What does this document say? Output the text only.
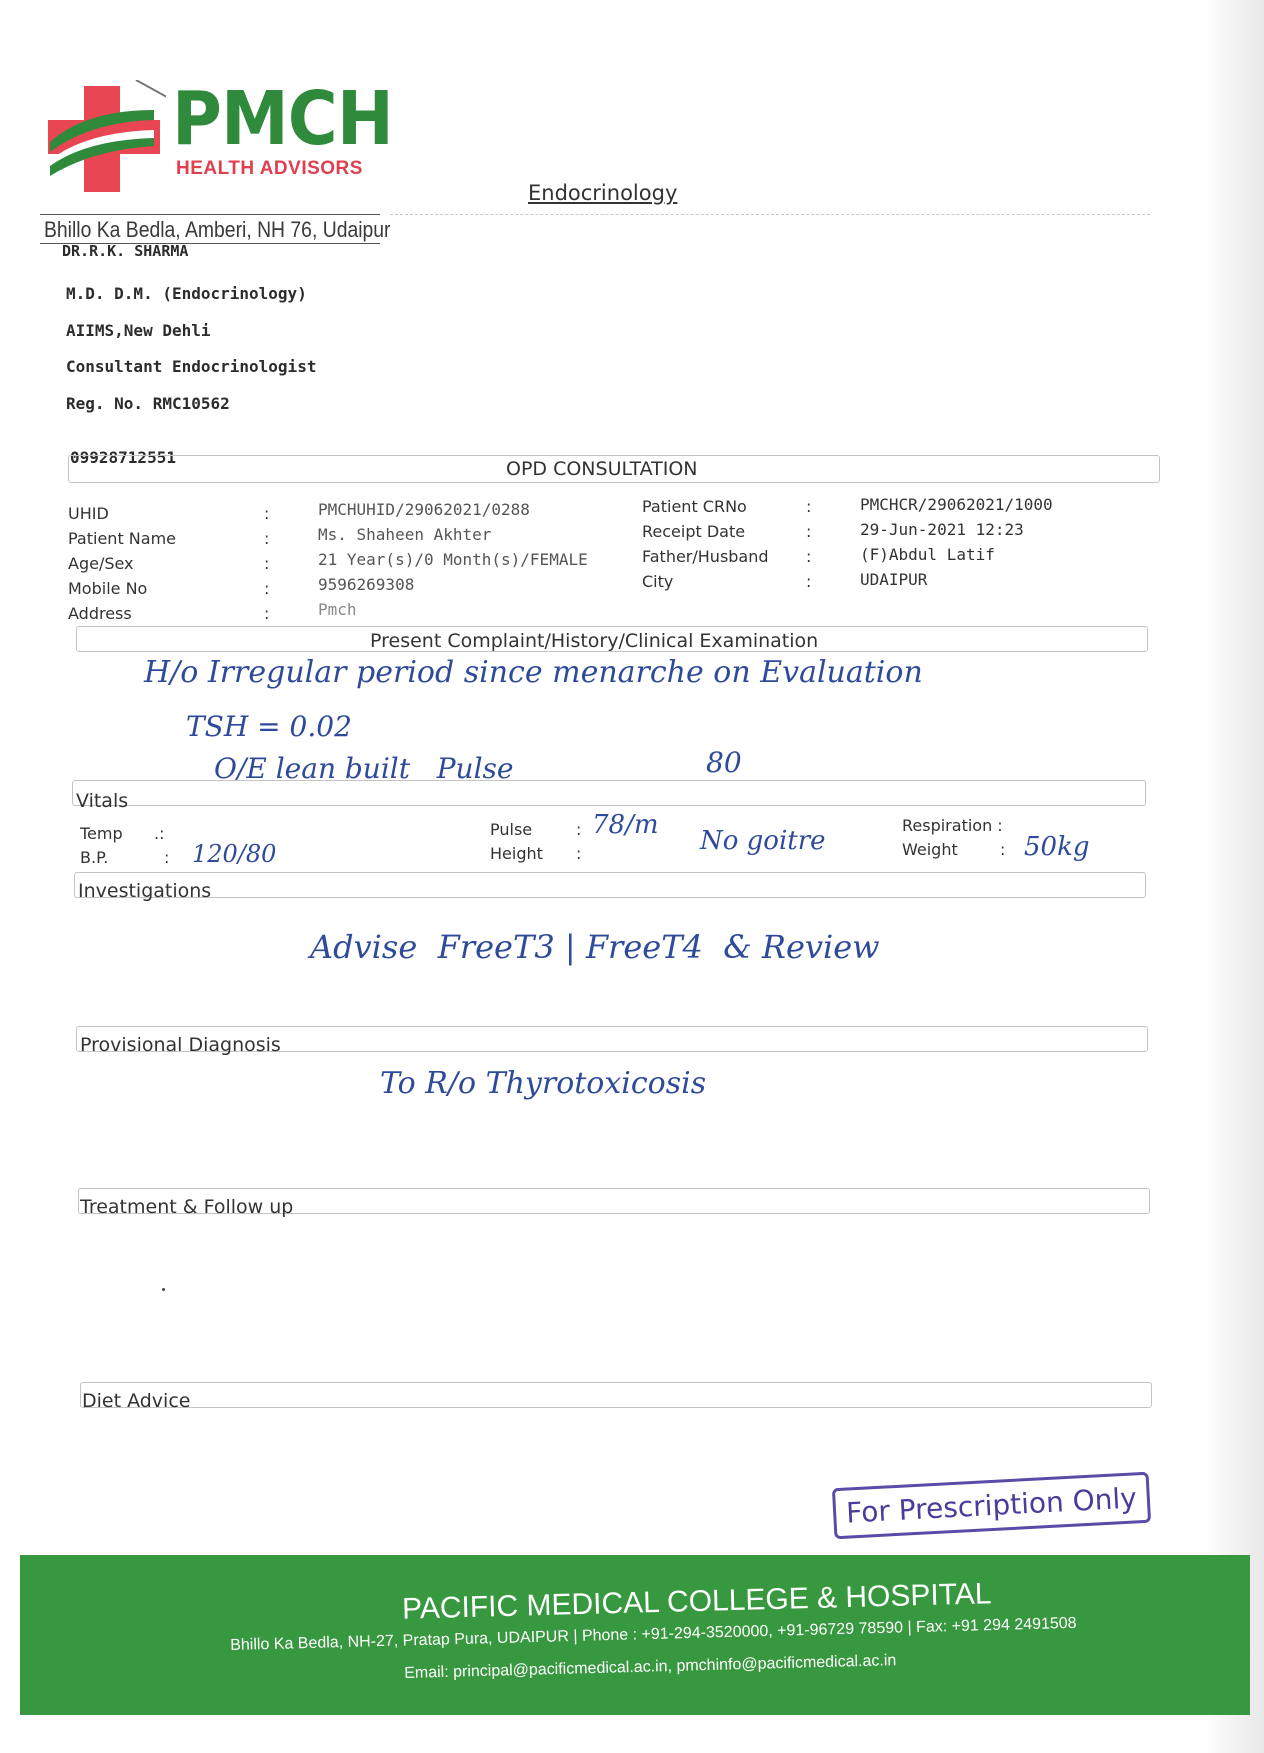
PMCH
HEALTH ADVISORS
Bhillo Ka Bedla, Amberi, NH 76, Udaipur
Endocrinology
DR.R.K. SHARMA
M.D. D.M. (Endocrinology)
AIIMS,New Dehli
Consultant Endocrinologist
Reg. No. RMC10562
09928712551
OPD CONSULTATION
UHID	:	PMCHUHID/29062021/0288
Patient Name	:	Ms. Shaheen Akhter
Age/Sex	:	21 Year(s)/0 Month(s)/FEMALE
Mobile No	:	9596269308
Address	:	Pmch
Patient CRNo	:	PMCHCR/29062021/1000
Receipt Date	:	29-Jun-2021 12:23
Father/Husband :	(F)Abdul Latif
City	:	UDAIPUR
Present Complaint/History/Clinical Examination
H/o Irregular period since menarche on Evaluation
TSH = 0.02
O/E lean built   Pulse	80
Vitals
Temp .:
B.P.	: 120/80
Pulse	: 78/m
Height :	No goitre
Respiration :
Weight	: 50kg
Investigations
Advise  FreeT3 | FreeT4  & Review
Provisional Diagnosis
To R/o Thyrotoxicosis
Treatment & Follow up
Diet Advice
For Prescription Only
PACIFIC MEDICAL COLLEGE & HOSPITAL
Bhillo Ka Bedla, NH-27, Pratap Pura, UDAIPUR | Phone : +91-294-3520000, +91-96729 78590 | Fax: +91 294 2491508
Email: principal@pacificmedical.ac.in, pmchinfo@pacificmedical.ac.in
